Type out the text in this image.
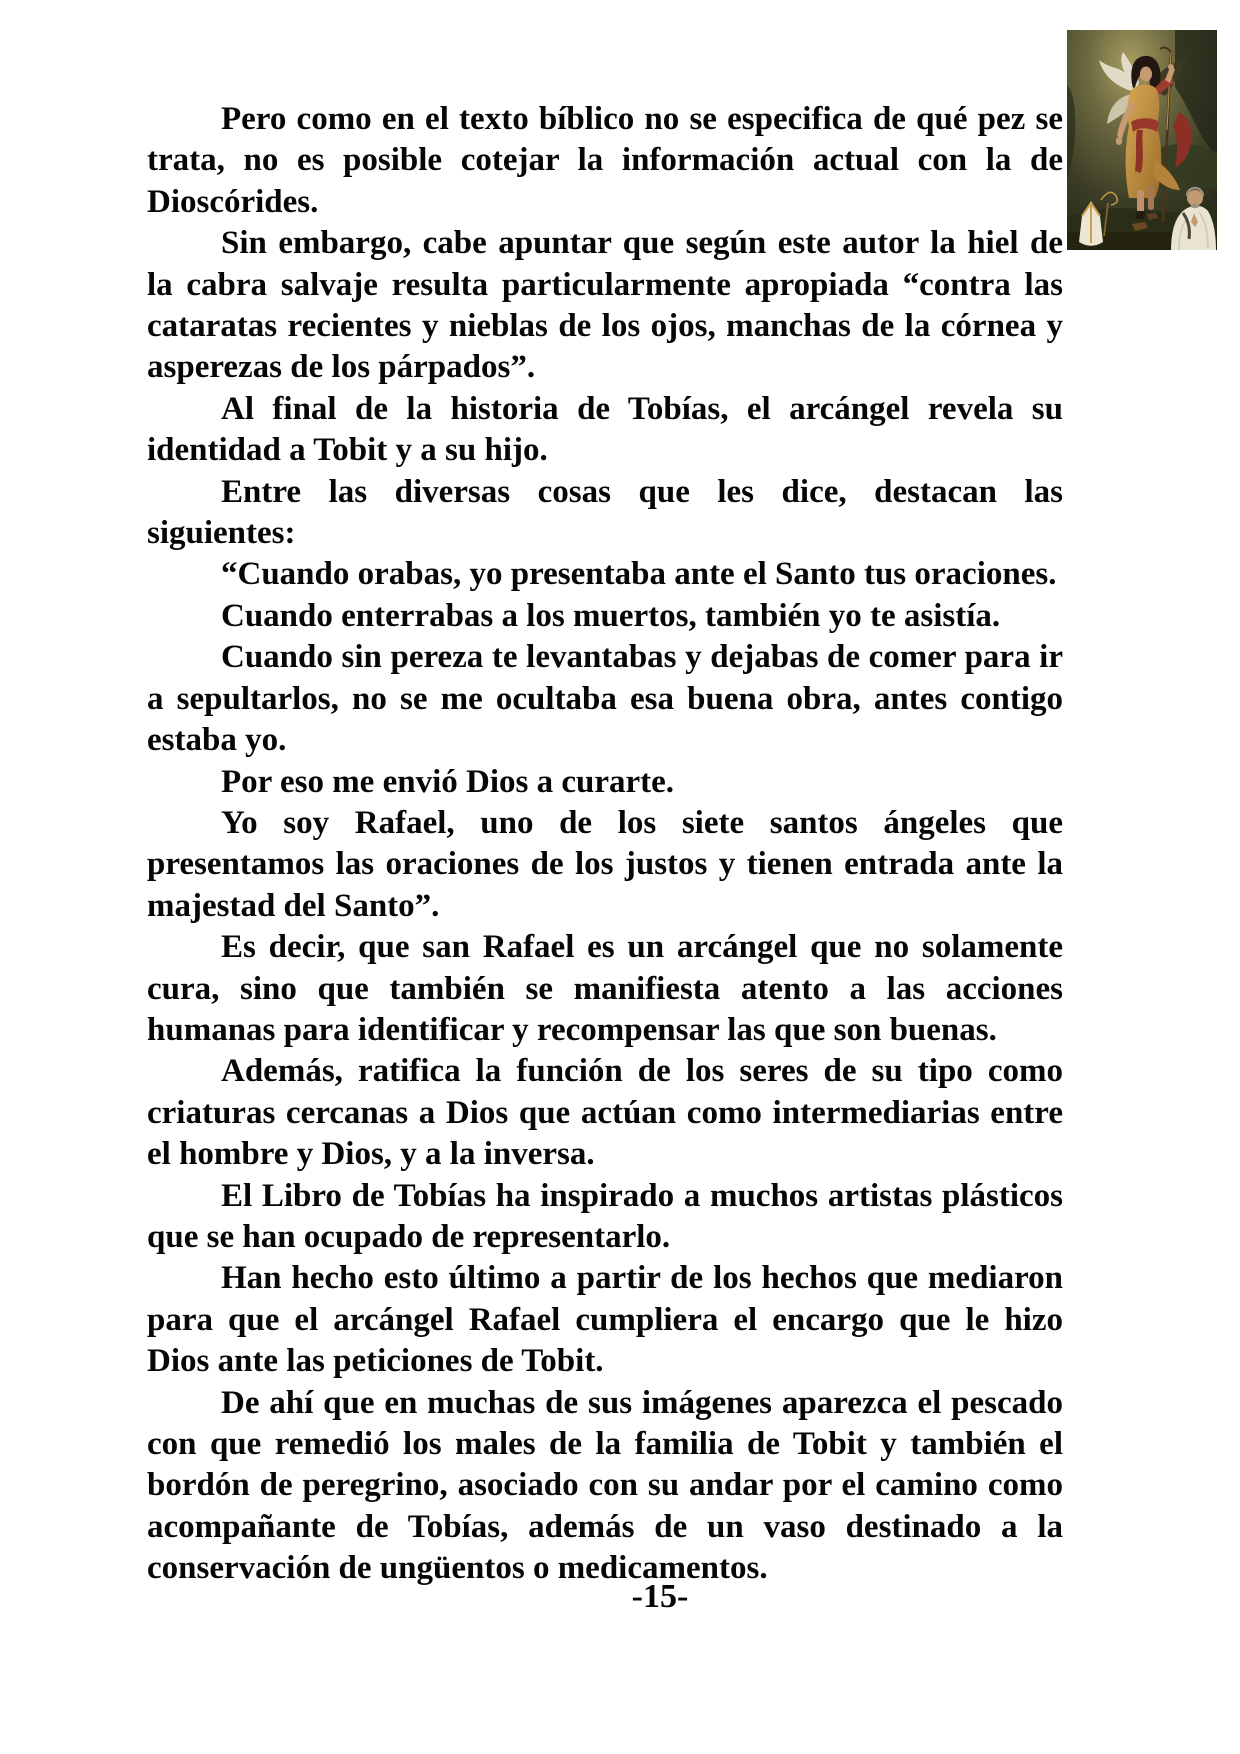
Pero como en el texto bíblico no se especifica de qué pez se trata, no es posible cotejar la información actual con la de Dioscórides.

Sin embargo, cabe apuntar que según este autor la hiel de la cabra salvaje resulta particularmente apropiada “contra las cataratas recientes y nieblas de los ojos, manchas de la córnea y asperezas de los párpados”.

Al final de la historia de Tobías, el arcángel revela su identidad a Tobit y a su hijo.

Entre las diversas cosas que les dice, destacan las siguientes:

“Cuando orabas, yo presentaba ante el Santo tus oraciones.

Cuando enterrabas a los muertos, también yo te asistía.

Cuando sin pereza te levantabas y dejabas de comer para ir a sepultarlos, no se me ocultaba esa buena obra, antes contigo estaba yo.

Por eso me envió Dios a curarte.

Yo soy Rafael, uno de los siete santos ángeles que presentamos las oraciones de los justos y tienen entrada ante la majestad del Santo”.

Es decir, que san Rafael es un arcángel que no solamente cura, sino que también se manifiesta atento a las acciones humanas para identificar y recompensar las que son buenas.

Además, ratifica la función de los seres de su tipo como criaturas cercanas a Dios que actúan como intermediarias entre el hombre y Dios, y a la inversa.

El Libro de Tobías ha inspirado a muchos artistas plásticos que se han ocupado de representarlo.

Han hecho esto último a partir de los hechos que mediaron para que el arcángel Rafael cumpliera el encargo que le hizo Dios ante las peticiones de Tobit.

De ahí que en muchas de sus imágenes aparezca el pescado con que remedió los males de la familia de Tobit y también el bordón de peregrino, asociado con su andar por el camino como acompañante de Tobías, además de un vaso destinado a la conservación de ungüentos o medicamentos.

-15-
